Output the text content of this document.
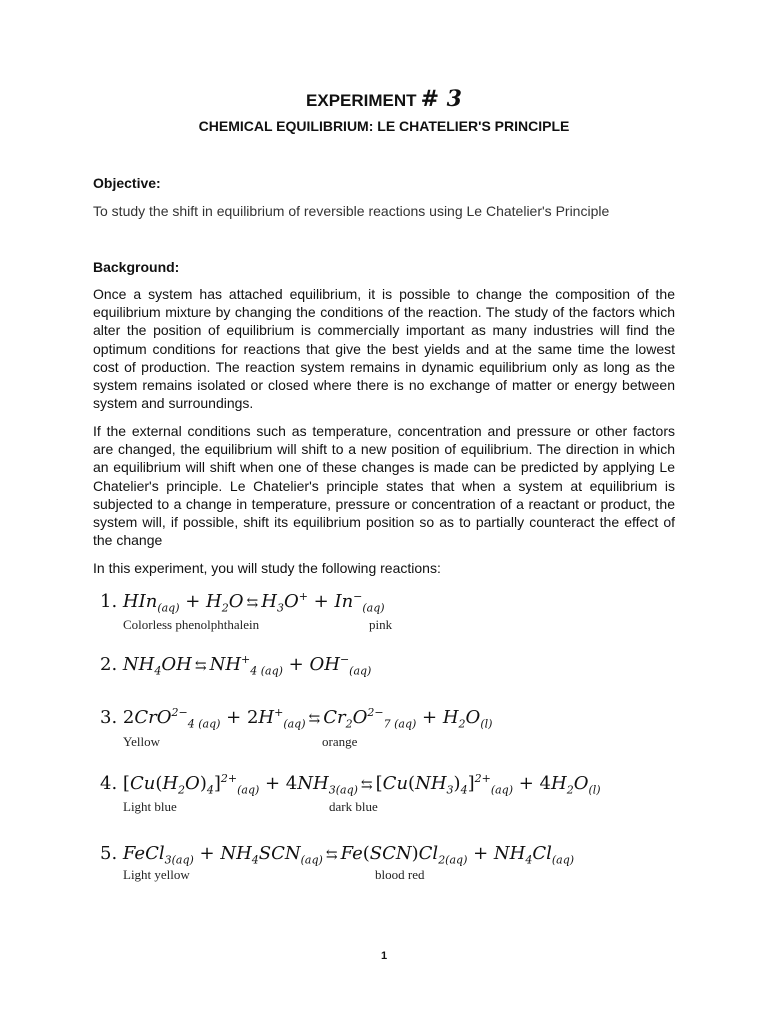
EXPERIMENT # 3
CHEMICAL EQUILIBRIUM: LE CHATELIER'S PRINCIPLE
Objective:
To study the shift in equilibrium of reversible reactions using Le Chatelier's Principle
Background:

Once a system has attached equilibrium, it is possible to change the composition of the equilibrium mixture by changing the conditions of the reaction. The study of the factors which alter the position of equilibrium is commercially important as many industries will find the optimum conditions for reactions that give the best yields and at the same time the lowest cost of production. The reaction system remains in dynamic equilibrium only as long as the system remains isolated or closed where there is no exchange of matter or energy between system and surroundings.

If the external conditions such as temperature, concentration and pressure or other factors are changed, the equilibrium will shift to a new position of equilibrium. The direction in which an equilibrium will shift when one of these changes is made can be predicted by applying Le Chatelier's principle. Le Chatelier's principle states that when a system at equilibrium is subjected to a change in temperature, pressure or concentration of a reactant or product, the system will, if possible, shift its equilibrium position so as to partially counteract the effect of the change

In this experiment, you will study the following reactions:

1. $HIn_{(aq)} + H_2O$ ⇆ $H_3O^+ + In^-_{(aq)}$
Colorless phenolphthalein	pink
2. $NH_4OH$ ⇆ $NH^+_{4 (aq)} + OH^-_{(aq)}$
3. $2CrO^{2-}_{4 (aq)} + 2H^+_{(aq)}$ ⇆ $Cr_2O^{2-}_{7 (aq)} + H_2O_{(l)}$
Yellow	orange
4. $[Cu(H_2O)_4]^{2+}_{(aq)} + 4NH_{3(aq)}$ ⇆ $[Cu(NH_3)_4]^{2+}_{(aq)} + 4H_2O_{(l)}$
Light blue	dark blue
5. FeCl$_{3(aq)}$ + $NH_4SCN_{(aq)}$ ⇆ $Fe(SCN)Cl_{2(aq)} + NH_4Cl_{(aq)}$
Light yellow	blood red
1
